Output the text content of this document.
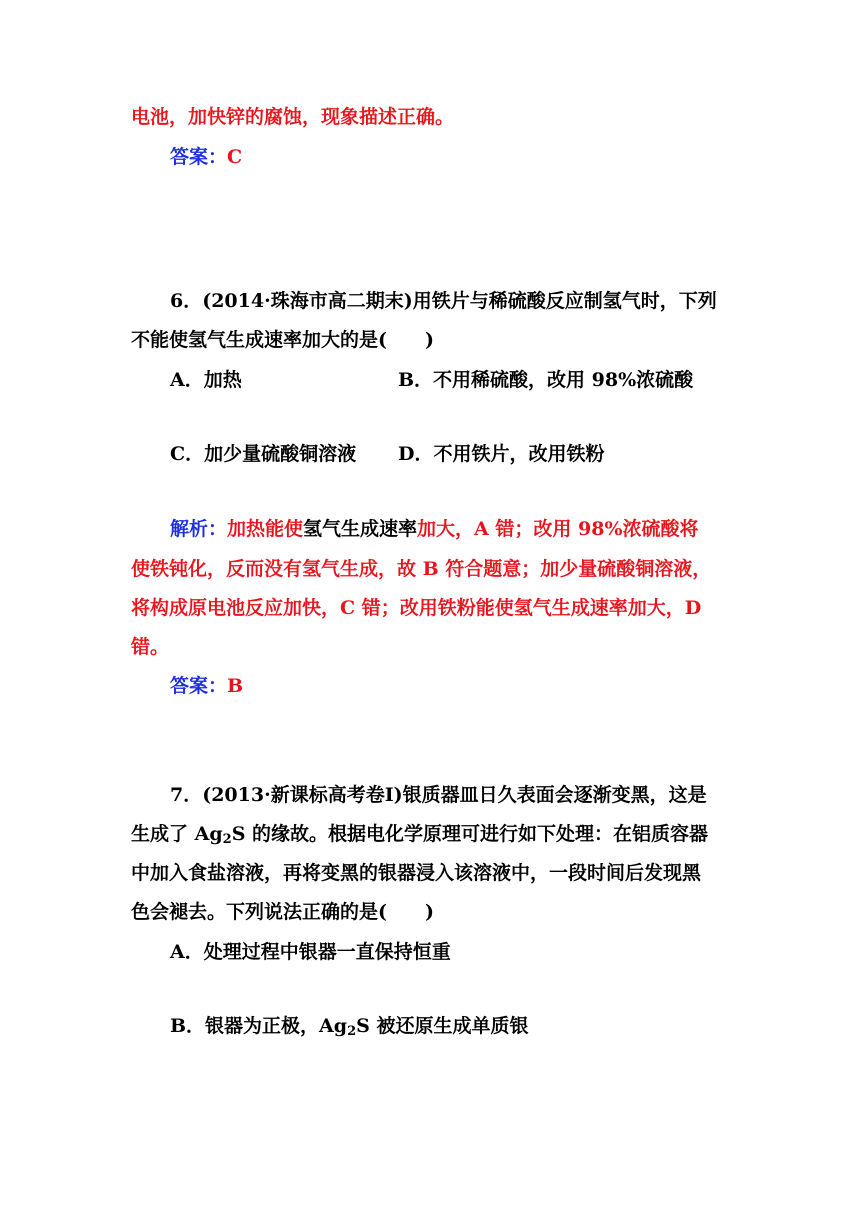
电池，加快锌的腐蚀，现象描述正确。
答案：C
6．(2014·珠海市高二期末)用铁片与稀硫酸反应制氢气时，下列
不能使氢气生成速率加大的是(　　)
A．加热	B．不用稀硫酸，改用 98%浓硫酸
C．加少量硫酸铜溶液 D．不用铁片，改用铁粉
解析：加热能使氢气生成速率加大，A 错；改用 98%浓硫酸将
使铁钝化，反而没有氢气生成，故 B 符合题意；加少量硫酸铜溶液，
将构成原电池反应加快，C 错；改用铁粉能使氢气生成速率加大，D
错。
答案：B
7．(2013·新课标高考卷Ⅰ)银质器皿日久表面会逐渐变黑，这是
生成了 $Ag_2S$ 的缘故。根据电化学原理可进行如下处理：在铝质容器
中加入食盐溶液，再将变黑的银器浸入该溶液中，一段时间后发现黑
色会褪去。下列说法正确的是(　　)
A．处理过程中银器一直保持恒重
B．银器为正极，$Ag_2S$ 被还原生成单质银
